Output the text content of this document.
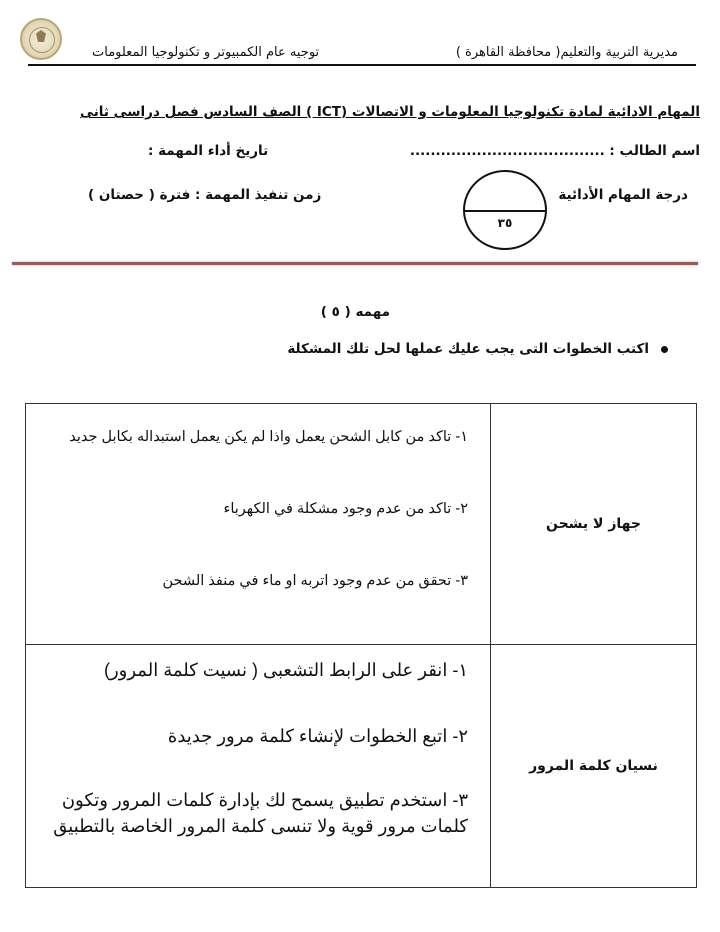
مديرية التربية والتعليم( محافظة القاهرة )
توجيه عام الكمبيوتر و تكنولوجيا المعلومات
المهام الادائية لمادة تكنولوجيا المعلومات و الاتصالات (ICT ) الصف السادس فصل دراسى ثانى
اسم الطالب : ......................................
تاريخ أداء المهمة :
درجة المهام الأدائية
٣٥
زمن تنفيذ المهمة : فترة ( حصتان )
مهمه ( ٥ )
اكتب الخطوات التى يجب عليك عملها لحل تلك المشكلة
جهاز لا يشحن	١- تاكد من كابل الشحن يعمل واذا لم يكن يعمل استبداله بكابل جديد
٢- تاكد من عدم وجود مشكلة في الكهرباء
٣- تحقق من عدم وجود اتربه او ماء في منفذ الشحن

نسيان كلمة المرور	١- انقر على الرابط التشعبى ( نسيت كلمة المرور)
٢- اتبع الخطوات لإنشاء كلمة مرور جديدة
٣- استخدم تطبيق يسمح لك بإدارة كلمات المرور وتكون كلمات مرور قوية ولا تنسى كلمة المرور الخاصة بالتطبيق
